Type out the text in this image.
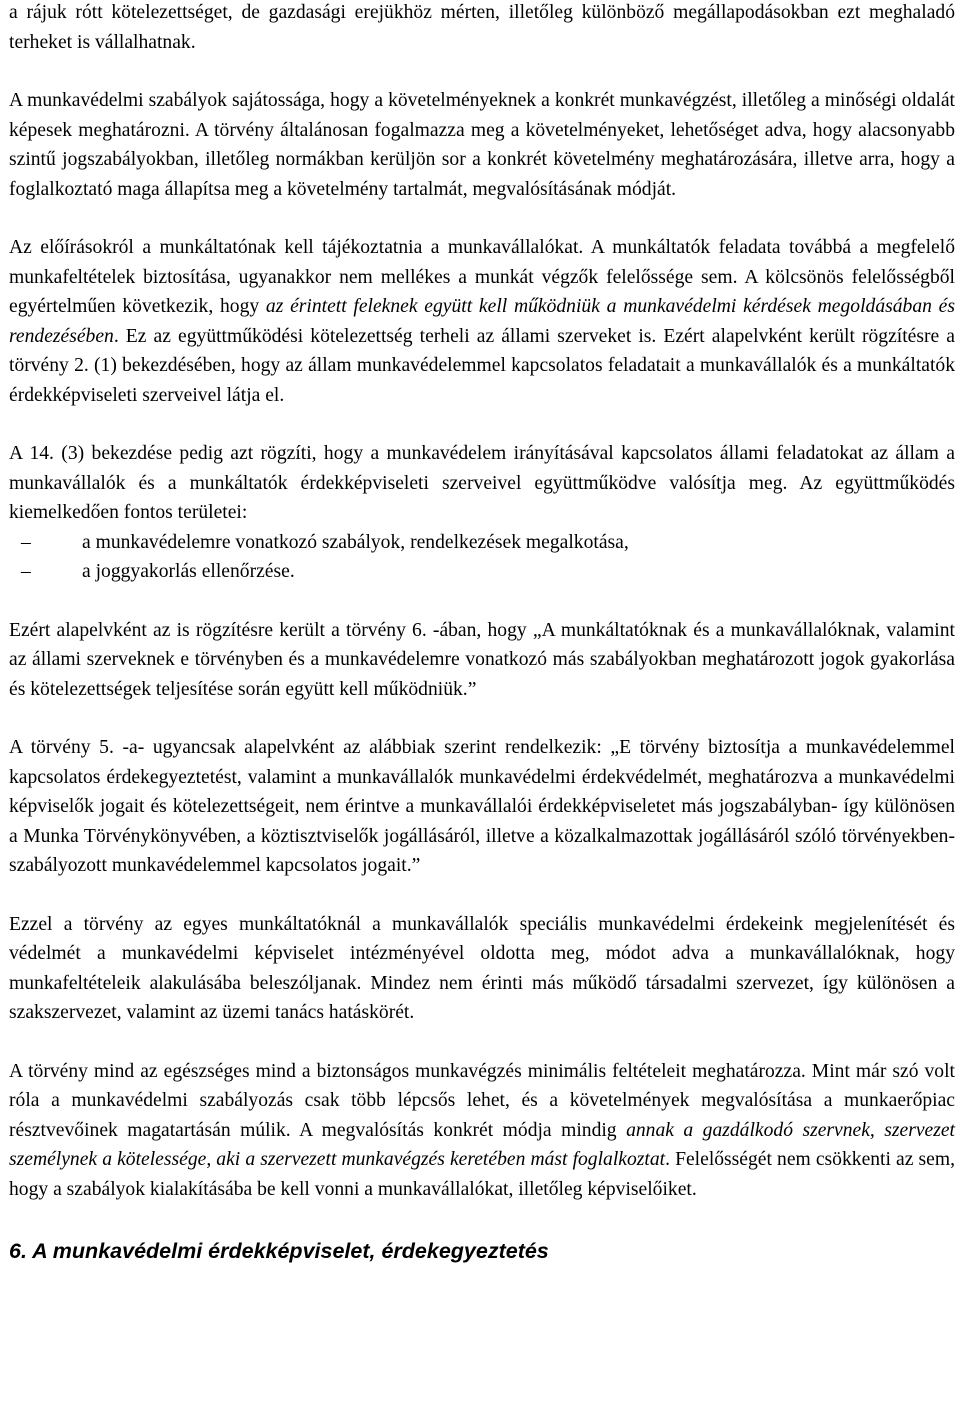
a rájuk rótt kötelezettséget, de gazdasági erejükhöz mérten, illetőleg különböző megállapodásokban ezt meghaladó terheket is vállalhatnak.

A munkavédelmi szabályok sajátossága, hogy a követelményeknek a konkrét munkavégzést, illetőleg a minőségi oldalát képesek meghatározni. A törvény általánosan fogalmazza meg a követelményeket, lehetőséget adva, hogy alacsonyabb szintű jogszabályokban, illetőleg normákban kerüljön sor a konkrét követelmény meghatározására, illetve arra, hogy a foglalkoztató maga állapítsa meg a követelmény tartalmát, megvalósításának módját.

Az előírásokról a munkáltatónak kell tájékoztatnia a munkavállalókat. A munkáltatók feladata továbbá a megfelelő munkafeltételek biztosítása, ugyanakkor nem mellékes a munkát végzők felelőssége sem. A kölcsönös felelősségből egyértelműen következik, hogy az érintett feleknek együtt kell működniük a munkavédelmi kérdések megoldásában és rendezésében. Ez az együttműködési kötelezettség terheli az állami szerveket is. Ezért alapelvként került rögzítésre a törvény 2. (1) bekezdésében, hogy az állam munkavédelemmel kapcsolatos feladatait a munkavállalók és a munkáltatók érdekképviseleti szerveivel látja el.

A 14. (3) bekezdése pedig azt rögzíti, hogy a munkavédelem irányításával kapcsolatos állami feladatokat az állam a munkavállalók és a munkáltatók érdekképviseleti szerveivel együttműködve valósítja meg. Az együttműködés kiemelkedően fontos területei:

–	a munkavédelemre vonatkozó szabályok, rendelkezések megalkotása,
–	a joggyakorlás ellenőrzése.

Ezért alapelvként az is rögzítésre került a törvény 6. -ában, hogy „A munkáltatóknak és a munkavállalóknak, valamint az állami szerveknek e törvényben és a munkavédelemre vonatkozó más szabályokban meghatározott jogok gyakorlása és kötelezettségek teljesítése során együtt kell működniük.”

A törvény 5. -a- ugyancsak alapelvként az alábbiak szerint rendelkezik: „E törvény biztosítja a munkavédelemmel kapcsolatos érdekegyeztetést, valamint a munkavállalók munkavédelmi érdekvédelmét, meghatározva a munkavédelmi képviselők jogait és kötelezettségeit, nem érintve a munkavállalói érdekképviseletet más jogszabályban- így különösen a Munka Törvénykönyvében, a köztisztviselők jogállásáról, illetve a közalkalmazottak jogállásáról szóló törvényekben- szabályozott munkavédelemmel kapcsolatos jogait.”

Ezzel a törvény az egyes munkáltatóknál a munkavállalók speciális munkavédelmi érdekeink megjelenítését és védelmét a munkavédelmi képviselet intézményével oldotta meg, módot adva a munkavállalóknak, hogy munkafeltételeik alakulásába beleszóljanak. Mindez nem érinti más működő társadalmi szervezet, így különösen a szakszervezet, valamint az üzemi tanács hatáskörét.

A törvény mind az egészséges mind a biztonságos munkavégzés minimális feltételeit meghatározza. Mint már szó volt róla a munkavédelmi szabályozás csak több lépcsős lehet, és a követelmények megvalósítása a munkaerőpiac résztvevőinek magatartásán múlik. A megvalósítás konkrét módja mindig annak a gazdálkodó szervnek, szervezet személynek a kötelessége, aki a szervezett munkavégzés keretében mást foglalkoztat. Felelősségét nem csökkenti az sem, hogy a szabályok kialakításába be kell vonni a munkavállalókat, illetőleg képviselőiket.

6. A munkavédelmi érdekképviselet, érdekegyeztetés
